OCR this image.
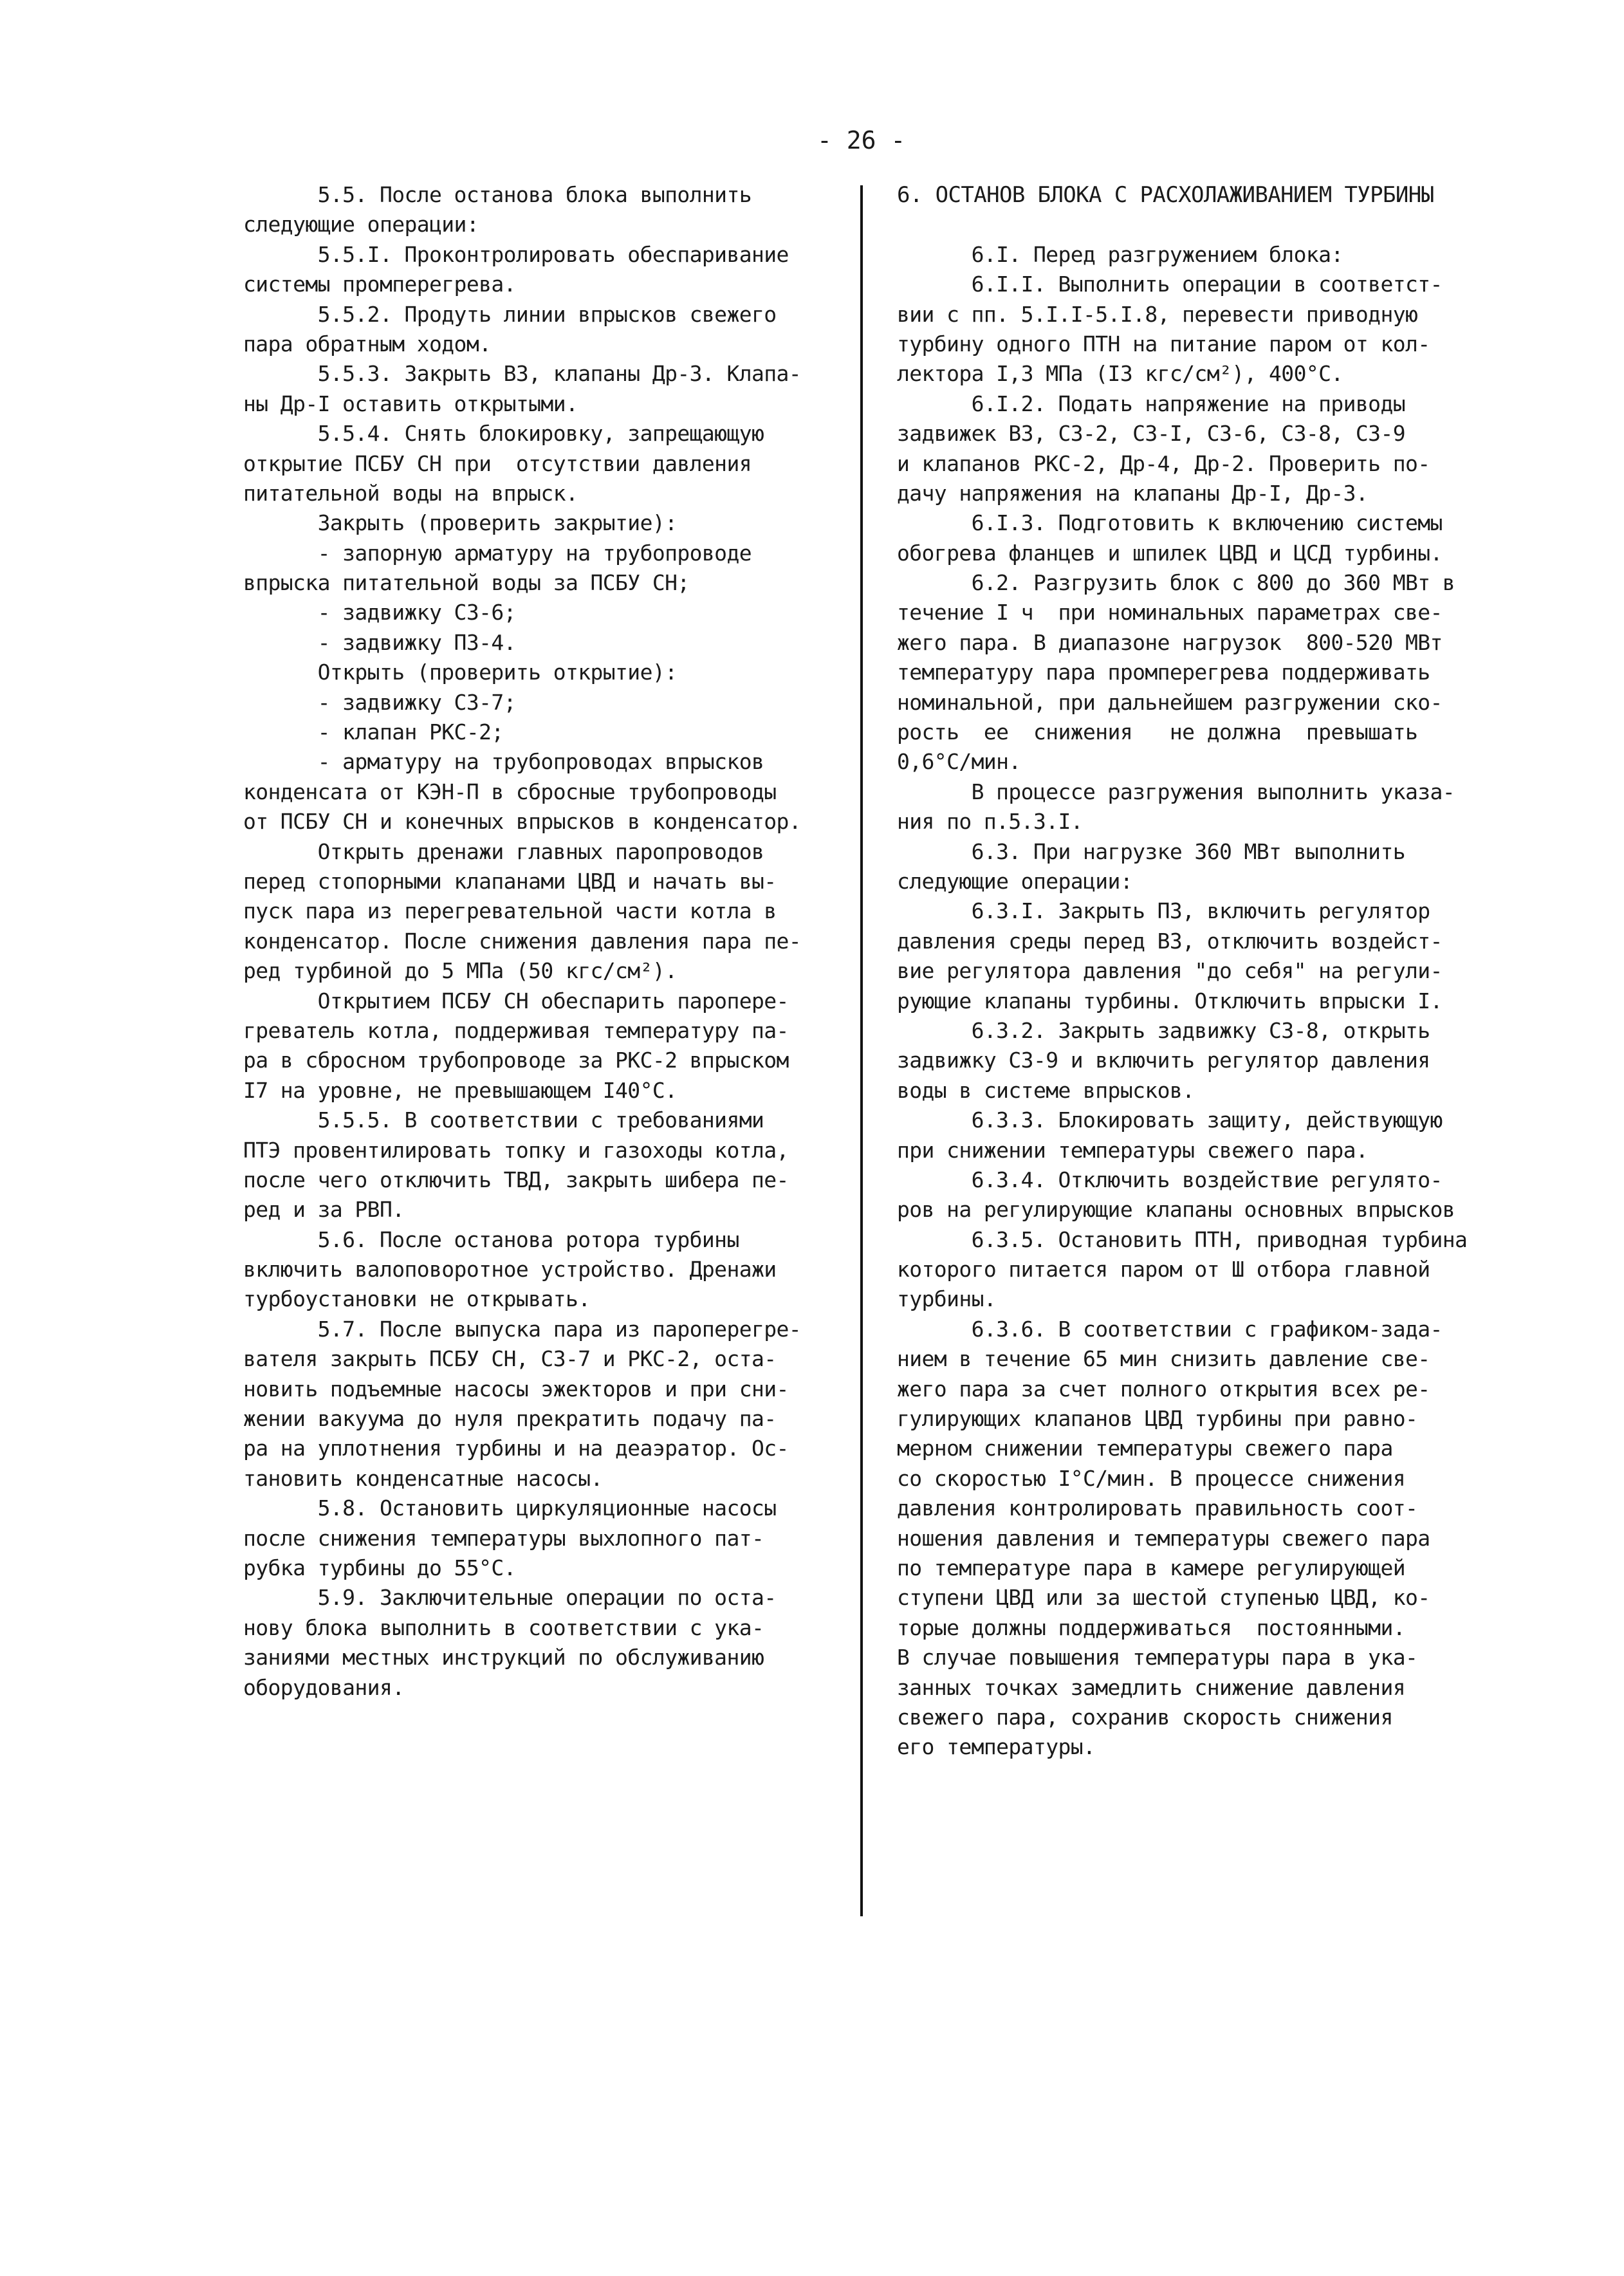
- 26 -
5.5. После останова блока выполнить
следующие операции:
5.5.I. Проконтролировать обеспаривание
системы промперегрева.
5.5.2. Продуть линии впрысков свежего
пара обратным ходом.
5.5.3. Закрыть ВЗ, клапаны Др-3. Клапа-
ны Др-I оставить открытыми.
5.5.4. Снять блокировку, запрещающую
открытие ПСБУ СН при  отсутствии давления
питательной воды на впрыск.
Закрыть (проверить закрытие):
- запорную арматуру на трубопроводе
впрыска питательной воды за ПСБУ СН;
- задвижку СЗ-6;
- задвижку ПЗ-4.
Открыть (проверить открытие):
- задвижку СЗ-7;
- клапан РКС-2;
- арматуру на трубопроводах впрысков
конденсата от КЭН-П в сбросные трубопроводы
от ПСБУ СН и конечных впрысков в конденсатор.
Открыть дренажи главных паропроводов
перед стопорными клапанами ЦВД и начать вы-
пуск пара из перегревательной части котла в
конденсатор. После снижения давления пара пе-
ред турбиной до 5 МПа (50 кгс/см²).
Открытием ПСБУ СН обеспарить паропере-
греватель котла, поддерживая температуру па-
ра в сбросном трубопроводе за РКС-2 впрыском
I7 на уровне, не превышающем I40°С.
5.5.5. В соответствии с требованиями
ПТЭ провентилировать топку и газоходы котла,
после чего отключить ТВД, закрыть шибера пе-
ред и за РВП.
5.6. После останова ротора турбины
включить валоповоротное устройство. Дренажи
турбоустановки не открывать.
5.7. После выпуска пара из пароперегре-
вателя закрыть ПСБУ СН, СЗ-7 и РКС-2, оста-
новить подъемные насосы эжекторов и при сни-
жении вакуума до нуля прекратить подачу па-
ра на уплотнения турбины и на деаэратор. Ос-
тановить конденсатные насосы.
5.8. Остановить циркуляционные насосы
после снижения температуры выхлопного пат-
рубка турбины до 55°С.
5.9. Заключительные операции по оста-
нову блока выполнить в соответствии с ука-
заниями местных инструкций по обслуживанию
оборудования.
6. ОСТАНОВ БЛОКА С РАСХОЛАЖИВАНИЕМ ТУРБИНЫ
6.I. Перед разгружением блока:
6.I.I. Выполнить операции в соответст-
вии с пп. 5.I.I-5.I.8, перевести приводную
турбину одного ПТН на питание паром от кол-
лектора I,3 МПа (I3 кгс/см²), 400°С.
6.I.2. Подать напряжение на приводы
задвижек ВЗ, СЗ-2, СЗ-I, СЗ-6, СЗ-8, СЗ-9
и клапанов РКС-2, Др-4, Др-2. Проверить по-
дачу напряжения на клапаны Др-I, Др-3.
6.I.3. Подготовить к включению системы
обогрева фланцев и шпилек ЦВД и ЦСД турбины.
6.2. Разгрузить блок с 800 до 360 МВт в
течение I ч  при номинальных параметрах све-
жего пара. В диапазоне нагрузок  800-520 МВт
температуру пара промперегрева поддерживать
номинальной, при дальнейшем разгружении ско-
рость  ее  снижения   не должна  превышать
0,6°С/мин.
В процессе разгружения выполнить указа-
ния по п.5.3.I.
6.3. При нагрузке 360 МВт выполнить
следующие операции:
6.3.I. Закрыть ПЗ, включить регулятор
давления среды перед ВЗ, отключить воздейст-
вие регулятора давления "до себя" на регули-
рующие клапаны турбины. Отключить впрыски I.
6.3.2. Закрыть задвижку СЗ-8, открыть
задвижку СЗ-9 и включить регулятор давления
воды в системе впрысков.
6.3.3. Блокировать защиту, действующую
при снижении температуры свежего пара.
6.3.4. Отключить воздействие регулято-
ров на регулирующие клапаны основных впрысков
6.3.5. Остановить ПТН, приводная турбина
которого питается паром от Ш отбора главной
турбины.
6.3.6. В соответствии с графиком-зада-
нием в течение 65 мин снизить давление све-
жего пара за счет полного открытия всех ре-
гулирующих клапанов ЦВД турбины при равно-
мерном снижении температуры свежего пара
со скоростью I°С/мин. В процессе снижения
давления контролировать правильность соот-
ношения давления и температуры свежего пара
по температуре пара в камере регулирующей
ступени ЦВД или за шестой ступенью ЦВД, ко-
торые должны поддерживаться  постоянными.
В случае повышения температуры пара в ука-
занных точках замедлить снижение давления
свежего пара, сохранив скорость снижения
его температуры.
